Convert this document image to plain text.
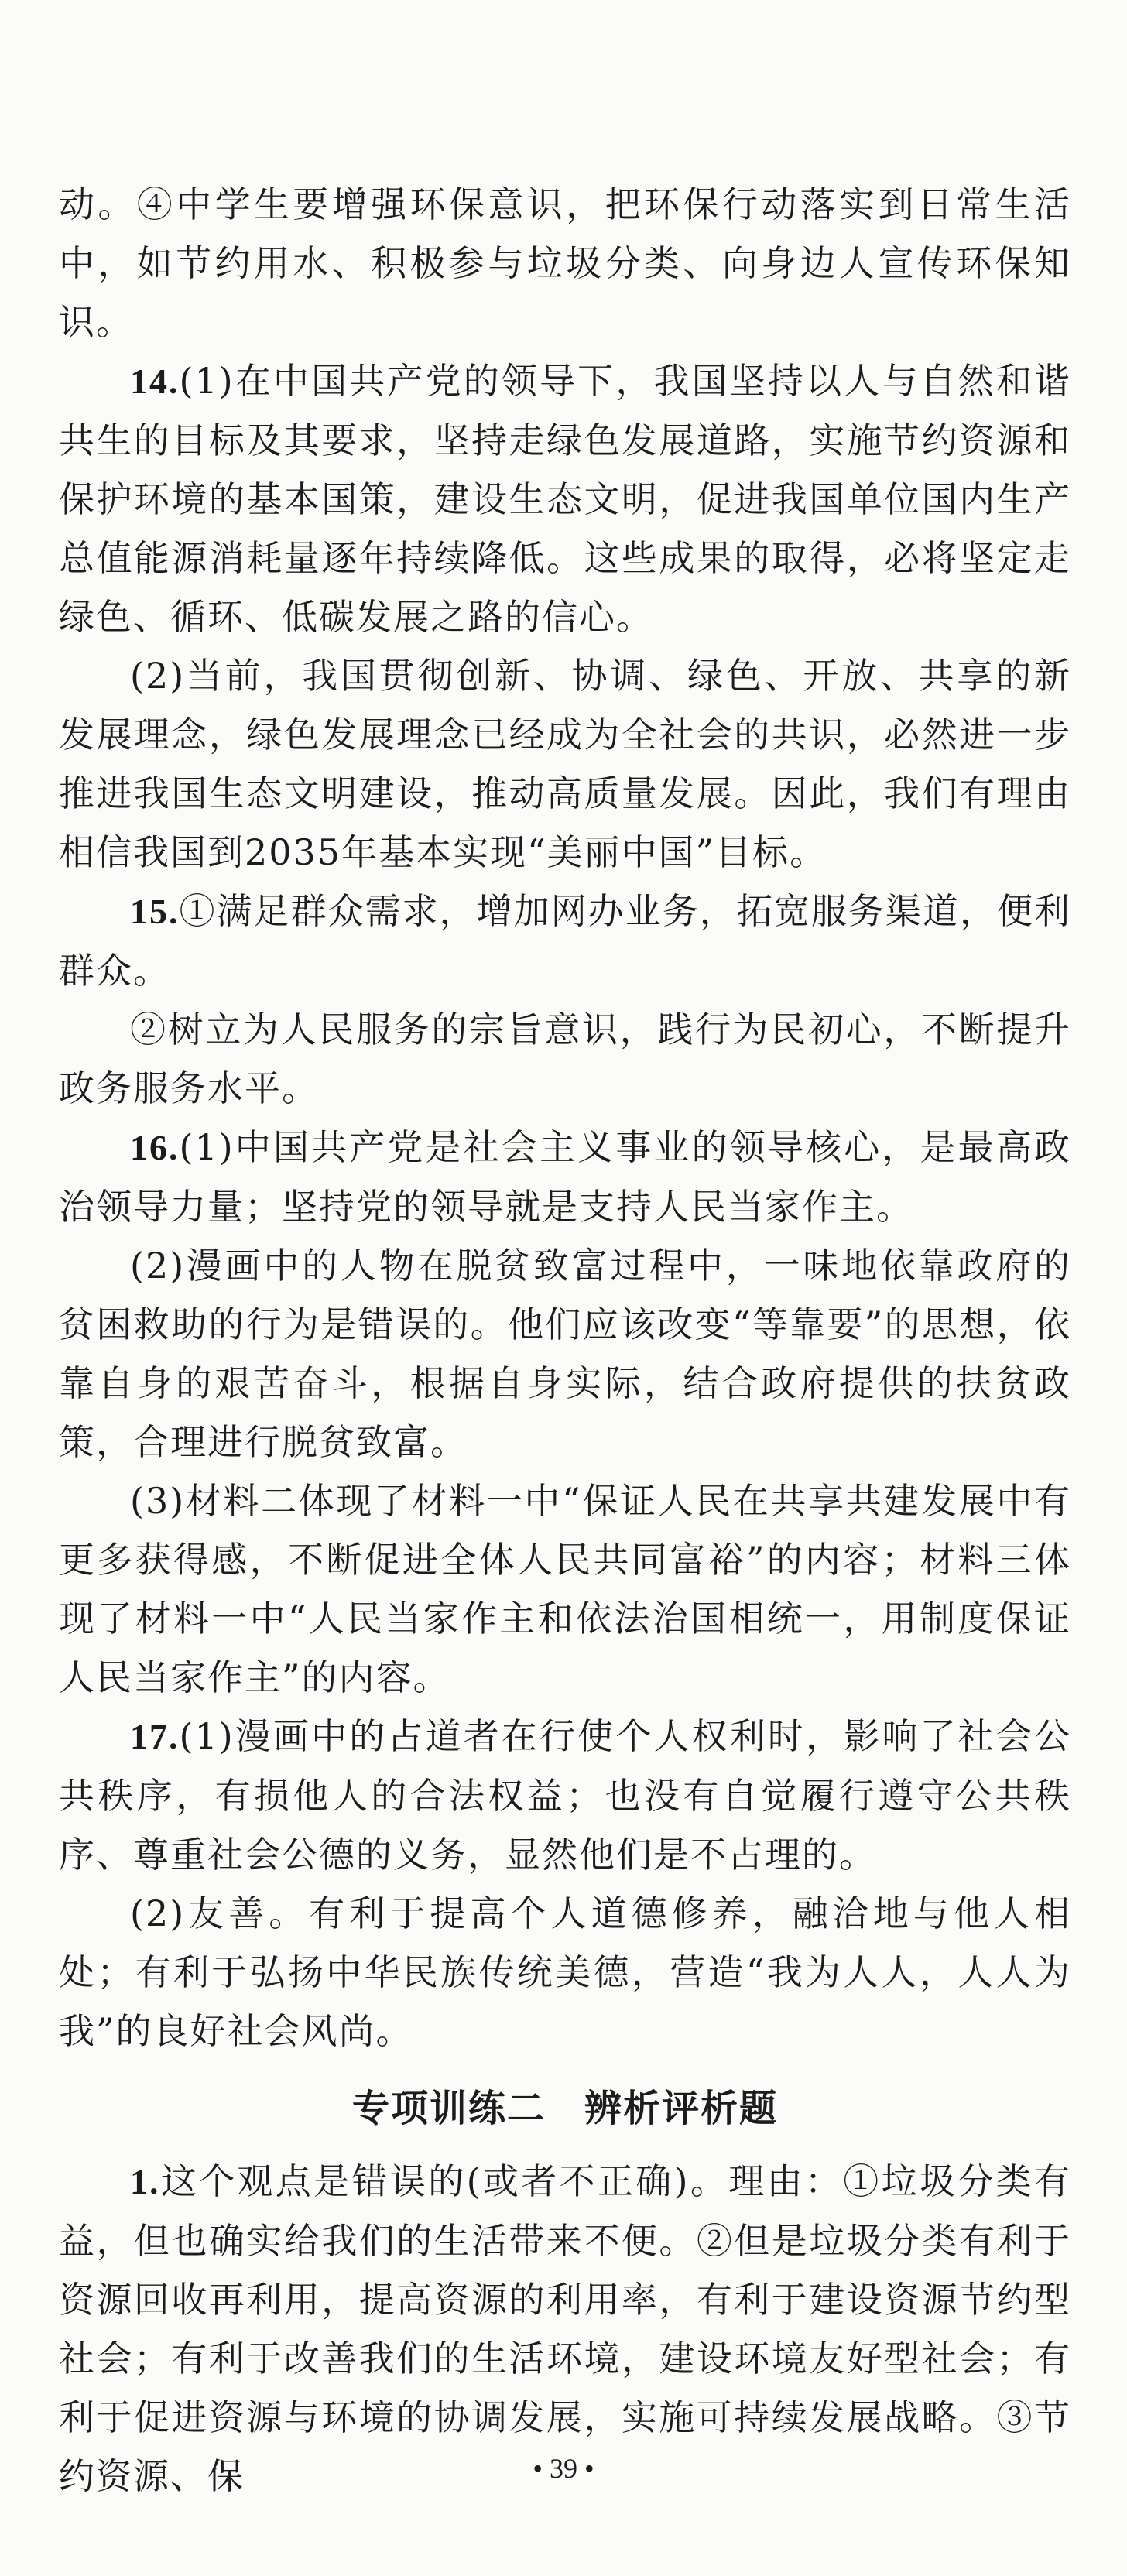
动。④中学生要增强环保意识，把环保行动落实到日常生活中，如节约用水、积极参与垃圾分类、向身边人宣传环保知识。

14.(1)在中国共产党的领导下，我国坚持以人与自然和谐共生的目标及其要求，坚持走绿色发展道路，实施节约资源和保护环境的基本国策，建设生态文明，促进我国单位国内生产总值能源消耗量逐年持续降低。这些成果的取得，必将坚定走绿色、循环、低碳发展之路的信心。

(2)当前，我国贯彻创新、协调、绿色、开放、共享的新发展理念，绿色发展理念已经成为全社会的共识，必然进一步推进我国生态文明建设，推动高质量发展。因此，我们有理由相信我国到2035年基本实现“美丽中国”目标。

15.①满足群众需求，增加网办业务，拓宽服务渠道，便利群众。

②树立为人民服务的宗旨意识，践行为民初心，不断提升政务服务水平。

16.(1)中国共产党是社会主义事业的领导核心，是最高政治领导力量；坚持党的领导就是支持人民当家作主。

(2)漫画中的人物在脱贫致富过程中，一味地依靠政府的贫困救助的行为是错误的。他们应该改变“等靠要”的思想，依靠自身的艰苦奋斗，根据自身实际，结合政府提供的扶贫政策，合理进行脱贫致富。

(3)材料二体现了材料一中“保证人民在共享共建发展中有更多获得感，不断促进全体人民共同富裕”的内容；材料三体现了材料一中“人民当家作主和依法治国相统一，用制度保证人民当家作主”的内容。

17.(1)漫画中的占道者在行使个人权利时，影响了社会公共秩序，有损他人的合法权益；也没有自觉履行遵守公共秩序、尊重社会公德的义务，显然他们是不占理的。

(2)友善。有利于提高个人道德修养，融洽地与他人相处；有利于弘扬中华民族传统美德，营造“我为人人，人人为我”的良好社会风尚。

专项训练二　辨析评析题

1.这个观点是错误的(或者不正确)。理由：①垃圾分类有益，但也确实给我们的生活带来不便。②但是垃圾分类有利于资源回收再利用，提高资源的利用率，有利于建设资源节约型社会；有利于改善我们的生活环境，建设环境友好型社会；有利于促进资源与环境的协调发展，实施可持续发展战略。③节约资源、保	• 39 •
